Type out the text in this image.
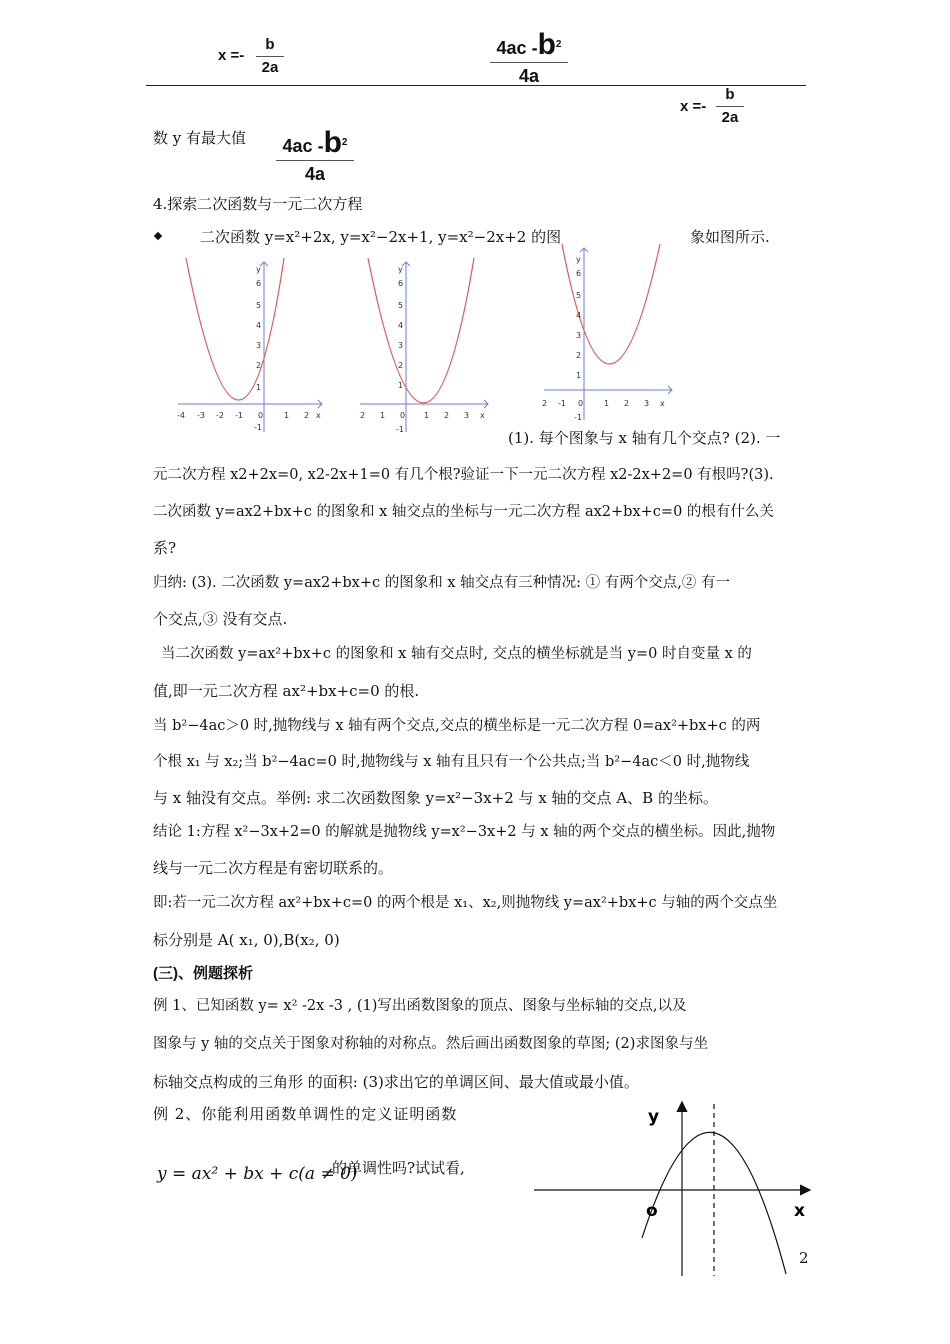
x =-
b
2a
4ac $-b^2$
4a
x =-
b
2a
数 y 有最大值	4ac $-b^2$
4a
4.探索二次函数与一元二次方程
二次函数 y=x²+2x, y=x²−2x+1, y=x²−2x+2 的图	象如图所示.
-4 -3 -2 -1 0	1 2 x
-1
1
2
3
4
5
6
y
2 1 0 1 2 3 x
-1
1
2
3
4
5
6
y
2 -1 0	1 2 3 x
-1
1
2
3
4
5
6
y
(1). 每个图象与 x 轴有几个交点? (2). 一
元二次方程 x2+2x=0, x2-2x+1=0 有几个根?验证一下一元二次方程 x2-2x+2=0 有根吗?(3).
二次函数 y=ax2+bx+c 的图象和 x 轴交点的坐标与一元二次方程 ax2+bx+c=0 的根有什么关
系?
归纳: (3). 二次函数 y=ax2+bx+c 的图象和 x 轴交点有三种情况: ① 有两个交点,② 有一
个交点,③ 没有交点.
当二次函数 y=ax²+bx+c 的图象和 x 轴有交点时, 交点的横坐标就是当 y=0 时自变量 x 的
值,即一元二次方程 ax²+bx+c=0 的根.
当 b²−4ac＞0 时,抛物线与 x 轴有两个交点,交点的横坐标是一元二次方程 0=ax²+bx+c 的两
个根 x₁ 与 x₂;当 b²−4ac=0 时,抛物线与 x 轴有且只有一个公共点;当 b²−4ac＜0 时,抛物线
与 x 轴没有交点。举例: 求二次函数图象 y=x²−3x+2 与 x 轴的交点 A、B 的坐标。
结论 1:方程 x²−3x+2=0 的解就是抛物线 y=x²−3x+2 与 x 轴的两个交点的横坐标。因此,抛物
线与一元二次方程是有密切联系的。
即:若一元二次方程 ax²+bx+c=0 的两个根是 x₁、x₂,则抛物线 y=ax²+bx+c 与轴的两个交点坐
标分别是 A( x₁, 0),B(x₂, 0)
(三)、例题探析
例 1、已知函数 y= x² -2x -3 , (1)写出函数图象的顶点、图象与坐标轴的交点,以及
图象与 y 轴的交点关于图象对称轴的对称点。然后画出函数图象的草图; (2)求图象与坐
标轴交点构成的三角形 的面积: (3)求出它的单调区间、最大值或最小值。
例 2、你能利用函数单调性的定义证明函数
y = ax² + bx + c(a ≠ 0)
的单调性吗?试试看,
y
o	x
2
